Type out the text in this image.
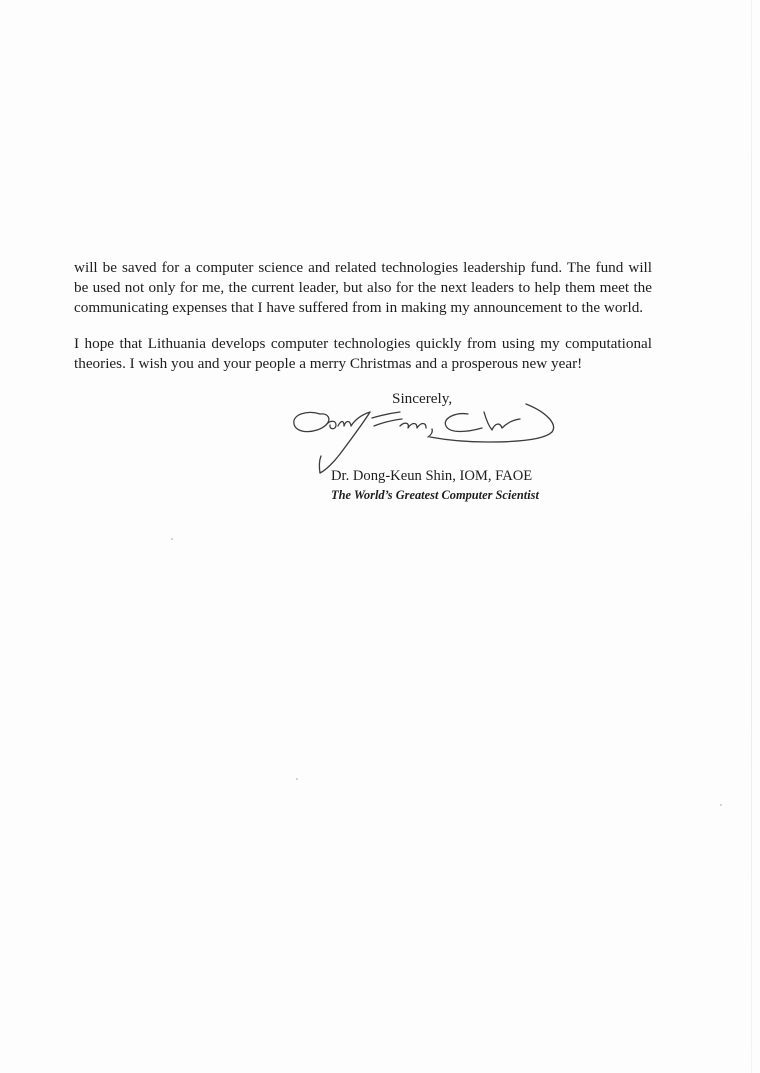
will be saved for a computer science and related technologies leadership fund. The fund will
be used not only for me, the current leader, but also for the next leaders to help them meet the
communicating expenses that I have suffered from in making my announcement to the world.

I hope that Lithuania develops computer technologies quickly from using my computational
theories. I wish you and your people a merry Christmas and a prosperous new year!

Sincerely,
Dr. Dong-Keun Shin, IOM, FAOE
The World’s Greatest Computer Scientist
